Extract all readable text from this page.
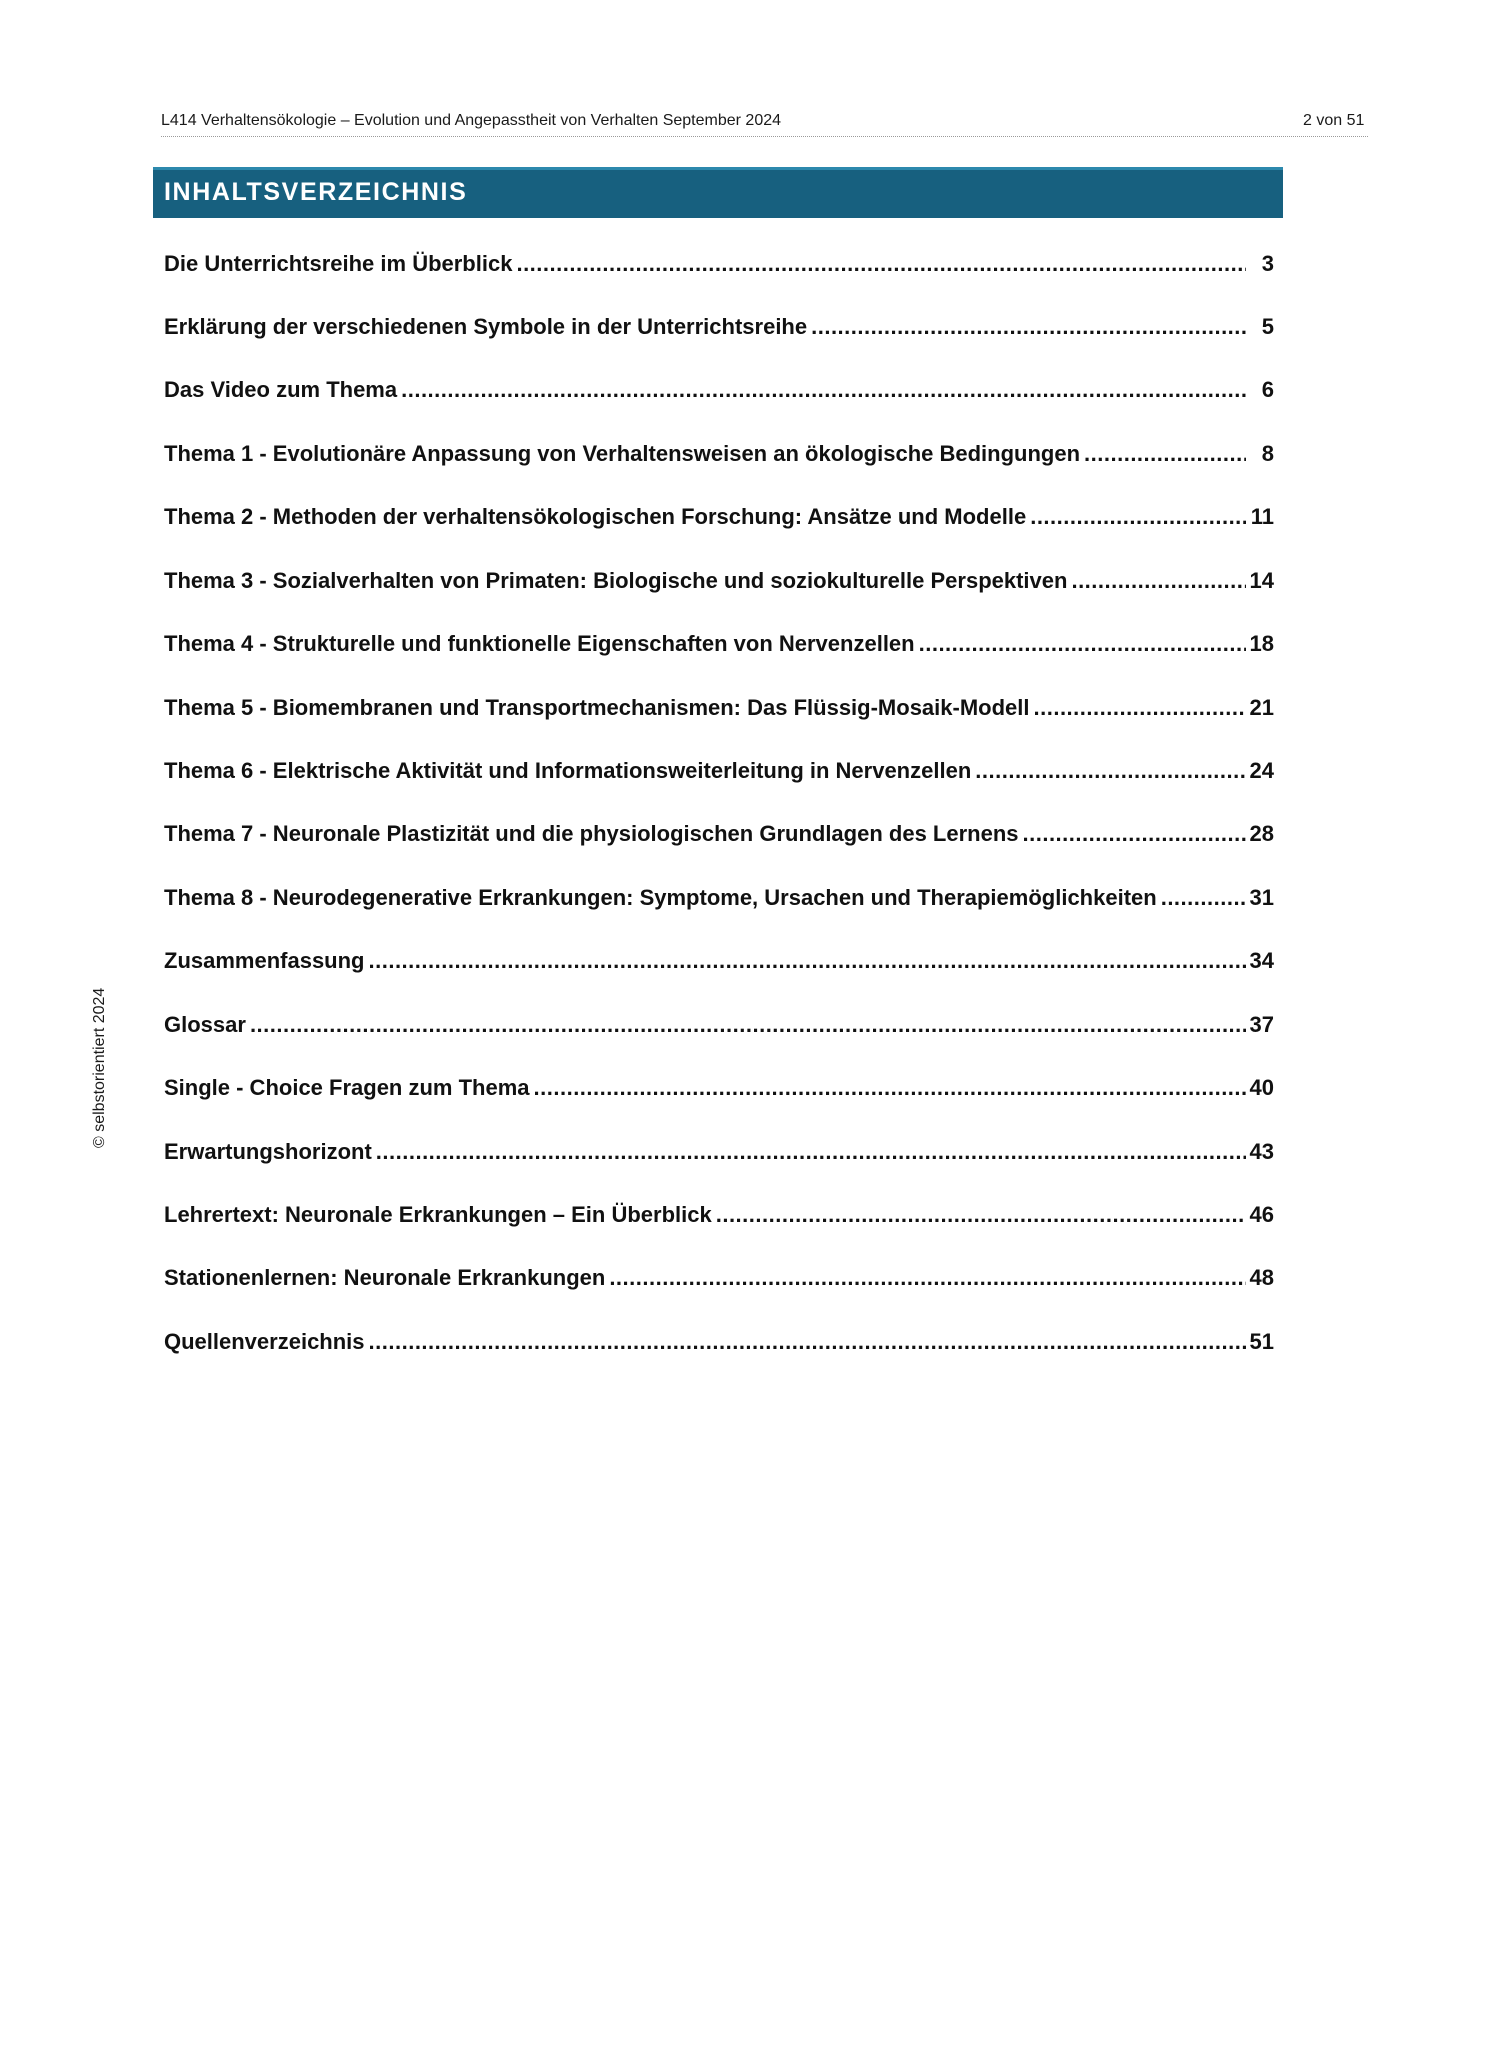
L414 Verhaltensökologie – Evolution und Angepasstheit von Verhalten September 2024	2 von 51
INHALTSVERZEICHNIS
Die Unterrichtsreihe im Überblick .....	3
Erklärung der verschiedenen Symbole in der Unterrichtsreihe .....	5
Das Video zum Thema .....	6
Thema 1 - Evolutionäre Anpassung von Verhaltensweisen an ökologische Bedingungen .....	8
Thema 2 - Methoden der verhaltensökologischen Forschung: Ansätze und Modelle .....	11
Thema 3 - Sozialverhalten von Primaten: Biologische und soziokulturelle Perspektiven .....	14
Thema 4 - Strukturelle und funktionelle Eigenschaften von Nervenzellen .....	18
Thema 5 - Biomembranen und Transportmechanismen: Das Flüssig-Mosaik-Modell .....	21
Thema 6 - Elektrische Aktivität und Informationsweiterleitung in Nervenzellen .....	24
Thema 7 - Neuronale Plastizität und die physiologischen Grundlagen des Lernens .....	28
Thema 8 - Neurodegenerative Erkrankungen: Symptome, Ursachen und Therapiemöglichkeiten .....	31
Zusammenfassung .....	34
Glossar .....	37
Single - Choice Fragen zum Thema .....	40
Erwartungshorizont .....	43
Lehrertext: Neuronale Erkrankungen – Ein Überblick .....	46
Stationenlernen: Neuronale Erkrankungen .....	48
Quellenverzeichnis .....	51
© selbstorientiert 2024
